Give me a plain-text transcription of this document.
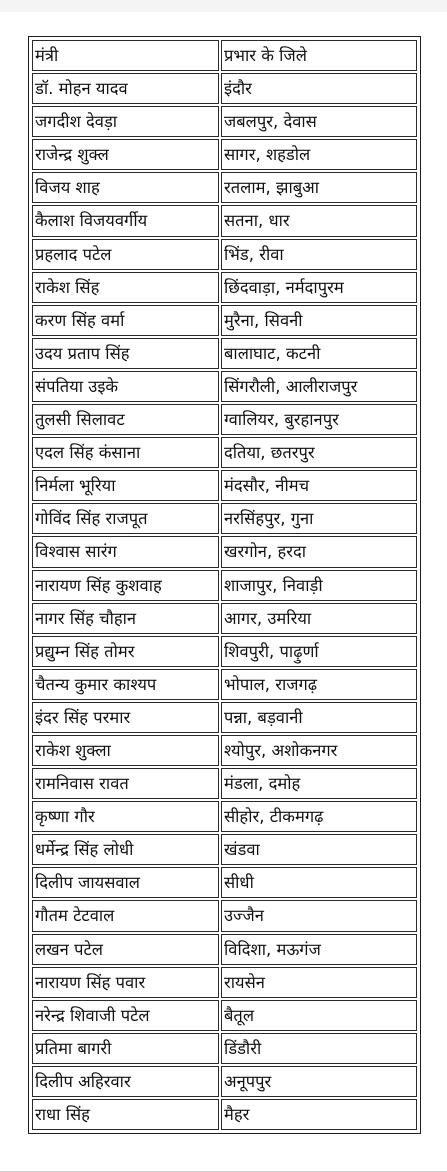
मंत्री	प्रभार के जिले
डॉ. मोहन यादव	इंदौर
जगदीश देवड़ा	जबलपुर, देवास
राजेन्द्र शुक्ल	सागर, शहडोल
विजय शाह	रतलाम, झाबुआ
कैलाश विजयवर्गीय	सतना, धार
प्रहलाद पटेल	भिंड, रीवा
राकेश सिंह	छिंदवाड़ा, नर्मदापुरम
करण सिंह वर्मा	मुरैना, सिवनी
उदय प्रताप सिंह	बालाघाट, कटनी
संपतिया उइके	सिंगरौली, आलीराजपुर
तुलसी सिलावट	ग्वालियर, बुरहानपुर
एदल सिंह कंसाना	दतिया, छतरपुर
निर्मला भूरिया	मंदसौर, नीमच
गोविंद सिंह राजपूत	नरसिंहपुर, गुना
विश्वास सारंग	खरगोन, हरदा
नारायण सिंह कुशवाह	शाजापुर, निवाड़ी
नागर सिंह चौहान	आगर, उमरिया
प्रद्युम्न सिंह तोमर	शिवपुरी, पाढ़ुर्णा
चैतन्य कुमार काश्यप	भोपाल, राजगढ़
इंदर सिंह परमार	पन्ना, बड़वानी
राकेश शुक्ला	श्योपुर, अशोकनगर
रामनिवास रावत	मंडला, दमोह
कृष्णा गौर	सीहोर, टीकमगढ़
धर्मेन्द्र सिंह लोधी	खंडवा
दिलीप जायसवाल	सीधी
गौतम टेटवाल	उज्जैन
लखन पटेल	विदिशा, मऊगंज
नारायण सिंह पवार	रायसेन
नरेन्द्र शिवाजी पटेल	बैतूल
प्रतिमा बागरी	डिंडौरी
दिलीप अहिरवार	अनूपपुर
राधा सिंह	मैहर
